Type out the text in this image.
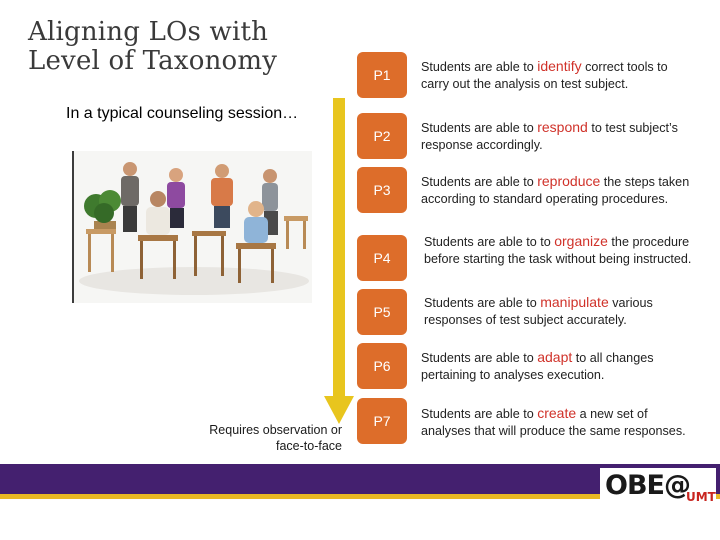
Aligning LOs with
Level of Taxonomy
In a typical counseling session…
Requires observation or
face-to-face
P1 Students are able to identify correct tools to carry out the analysis on test subject.
P2 Students are able to respond to test subject’s response accordingly.
P3 Students are able to reproduce the steps taken according to standard operating procedures.
P4
Students are able to to organize the procedure before starting the task without being instructed.
P5
Students are able to manipulate various responses of test subject accurately.
P6 Students are able to adapt to all changes pertaining to analyses execution.
P7 Students are able to create a new set of analyses that will produce the same responses.
OBE@
UMT
